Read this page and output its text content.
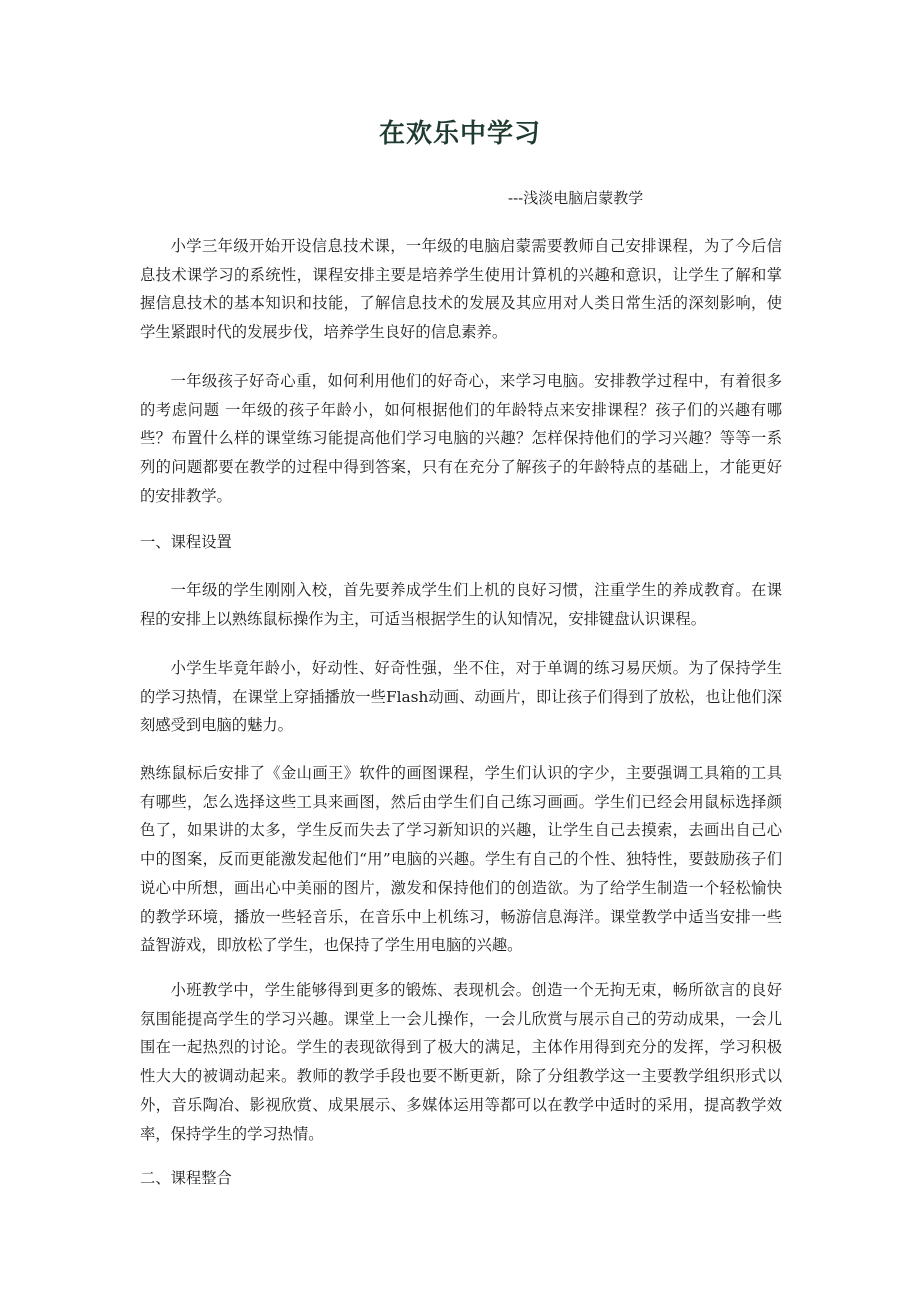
在欢乐中学习
---浅淡电脑启蒙教学

小学三年级开始开设信息技术课，一年级的电脑启蒙需要教师自己安排课程，为了今后信息技术课学习的系统性，课程安排主要是培养学生使用计算机的兴趣和意识，让学生了解和掌握信息技术的基本知识和技能，了解信息技术的发展及其应用对人类日常生活的深刻影响，使学生紧跟时代的发展步伐，培养学生良好的信息素养。

一年级孩子好奇心重，如何利用他们的好奇心，来学习电脑。安排教学过程中，有着很多的考虑问题 一年级的孩子年龄小，如何根据他们的年龄特点来安排课程？孩子们的兴趣有哪些？布置什么样的课堂练习能提高他们学习电脑的兴趣？怎样保持他们的学习兴趣？等等一系列的问题都要在教学的过程中得到答案，只有在充分了解孩子的年龄特点的基础上，才能更好的安排教学。

一、课程设置

一年级的学生刚刚入校，首先要养成学生们上机的良好习惯，注重学生的养成教育。在课程的安排上以熟练鼠标操作为主，可适当根据学生的认知情况，安排键盘认识课程。

小学生毕竟年龄小，好动性、好奇性强，坐不住，对于单调的练习易厌烦。为了保持学生的学习热情，在课堂上穿插播放一些Flash动画、动画片，即让孩子们得到了放松，也让他们深刻感受到电脑的魅力。

熟练鼠标后安排了《金山画王》软件的画图课程，学生们认识的字少，主要强调工具箱的工具有哪些，怎么选择这些工具来画图，然后由学生们自己练习画画。学生们已经会用鼠标选择颜色了，如果讲的太多，学生反而失去了学习新知识的兴趣，让学生自己去摸索，去画出自己心中的图案，反而更能激发起他们“用”电脑的兴趣。学生有自己的个性、独特性，要鼓励孩子们说心中所想，画出心中美丽的图片，激发和保持他们的创造欲。为了给学生制造一个轻松愉快的教学环境，播放一些轻音乐，在音乐中上机练习，畅游信息海洋。课堂教学中适当安排一些益智游戏，即放松了学生，也保持了学生用电脑的兴趣。

小班教学中，学生能够得到更多的锻炼、表现机会。创造一个无拘无束，畅所欲言的良好氛围能提高学生的学习兴趣。课堂上一会儿操作，一会儿欣赏与展示自己的劳动成果，一会儿围在一起热烈的讨论。学生的表现欲得到了极大的满足，主体作用得到充分的发挥，学习积极性大大的被调动起来。教师的教学手段也要不断更新，除了分组教学这一主要教学组织形式以外，音乐陶冶、影视欣赏、成果展示、多媒体运用等都可以在教学中适时的采用，提高教学效率，保持学生的学习热情。

二、课程整合
